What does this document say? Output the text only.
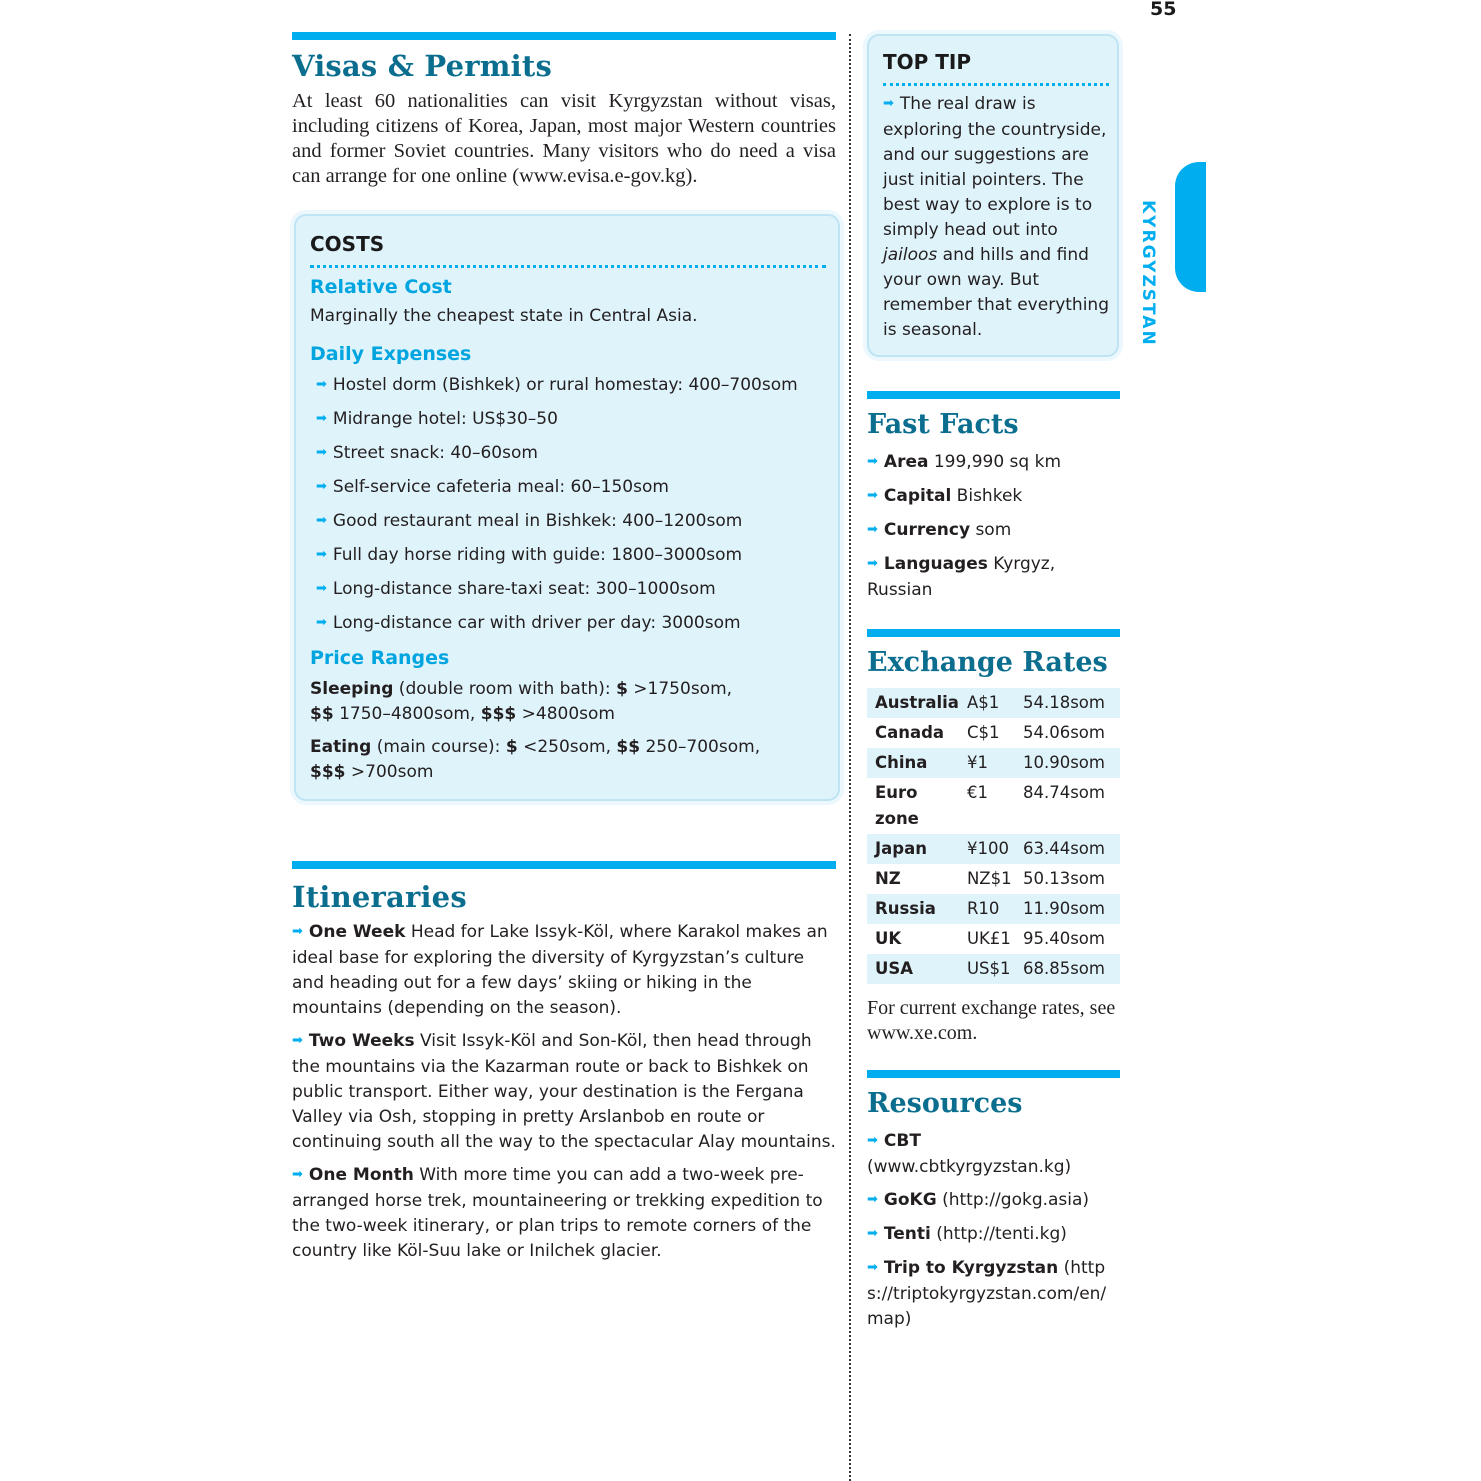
55
KYRGYZSTAN
Visas & Permits

At least 60 nationalities can visit Kyrgyzstan without visas, including citizens of Korea, Japan, most major Western countries and former Soviet countries. Many visitors who do need a visa can arrange for one online (www.evisa.e-gov.kg).

COSTS
Relative Cost
Marginally the cheapest state in Central Asia.
Daily Expenses
➡ Hostel dorm (Bishkek) or rural homestay: 400–700som
➡ Midrange hotel: US$30–50
➡ Street snack: 40–60som
➡ Self-service cafeteria meal: 60–150som
➡ Good restaurant meal in Bishkek: 400–1200som
➡ Full day horse riding with guide: 1800–3000som
➡ Long-distance share-taxi seat: 300–1000som
➡ Long-distance car with driver per day: 3000som
Price Ranges

Sleeping (double room with bath): $ >1750som,
$$ 1750–4800som, $$$ >4800som

Eating (main course): $ <250som, $$ 250–700som,
$$$ >700som

Itineraries
➡ One Week Head for Lake Issyk-Köl, where Karakol makes an ideal base for exploring the diversity of Kyrgyzstan’s culture and heading out for a few days’ skiing or hiking in the mountains (depending on the season).
➡ Two Weeks Visit Issyk-Köl and Son-Köl, then head through the mountains via the Kazarman route or back to Bishkek on public transport. Either way, your destination is the Fergana Valley via Osh, stopping in pretty Arslanbob en route or continuing south all the way to the spectacular Alay mountains.
➡ One Month With more time you can add a two-week pre-arranged horse trek, mountaineering or trekking expedition to the two-week itinerary, or plan trips to remote corners of the country like Köl-Suu lake or Inilchek glacier.
TOP TIP
➡ The real draw is exploring the countryside, and our suggestions are just initial pointers. The best way to explore is to simply head out into jailoos and hills and find your own way. But remember that everything is seasonal.
Fast Facts
➡ Area 199,990 sq km
➡ Capital Bishkek
➡ Currency som
➡ Languages Kyrgyz, Russian
Exchange Rates
Australia	A$1	54.18som
Canada	C$1	54.06som
China	¥1	10.90som
Euro zone	€1	84.74som
Japan	¥100	63.44som
NZ	NZ$1	50.13som
Russia	R10	11.90som
UK	UK£1	95.40som
USA	US$1	68.85som

For current exchange rates, see www.xe.com.

Resources
➡ CBT (www.cbtkyrgyzstan.kg)
➡ GoKG (http://gokg.asia)
➡ Tenti (http://tenti.kg)
➡ Trip to Kyrgyzstan (https://triptokyrgyzstan.com/en/map)
